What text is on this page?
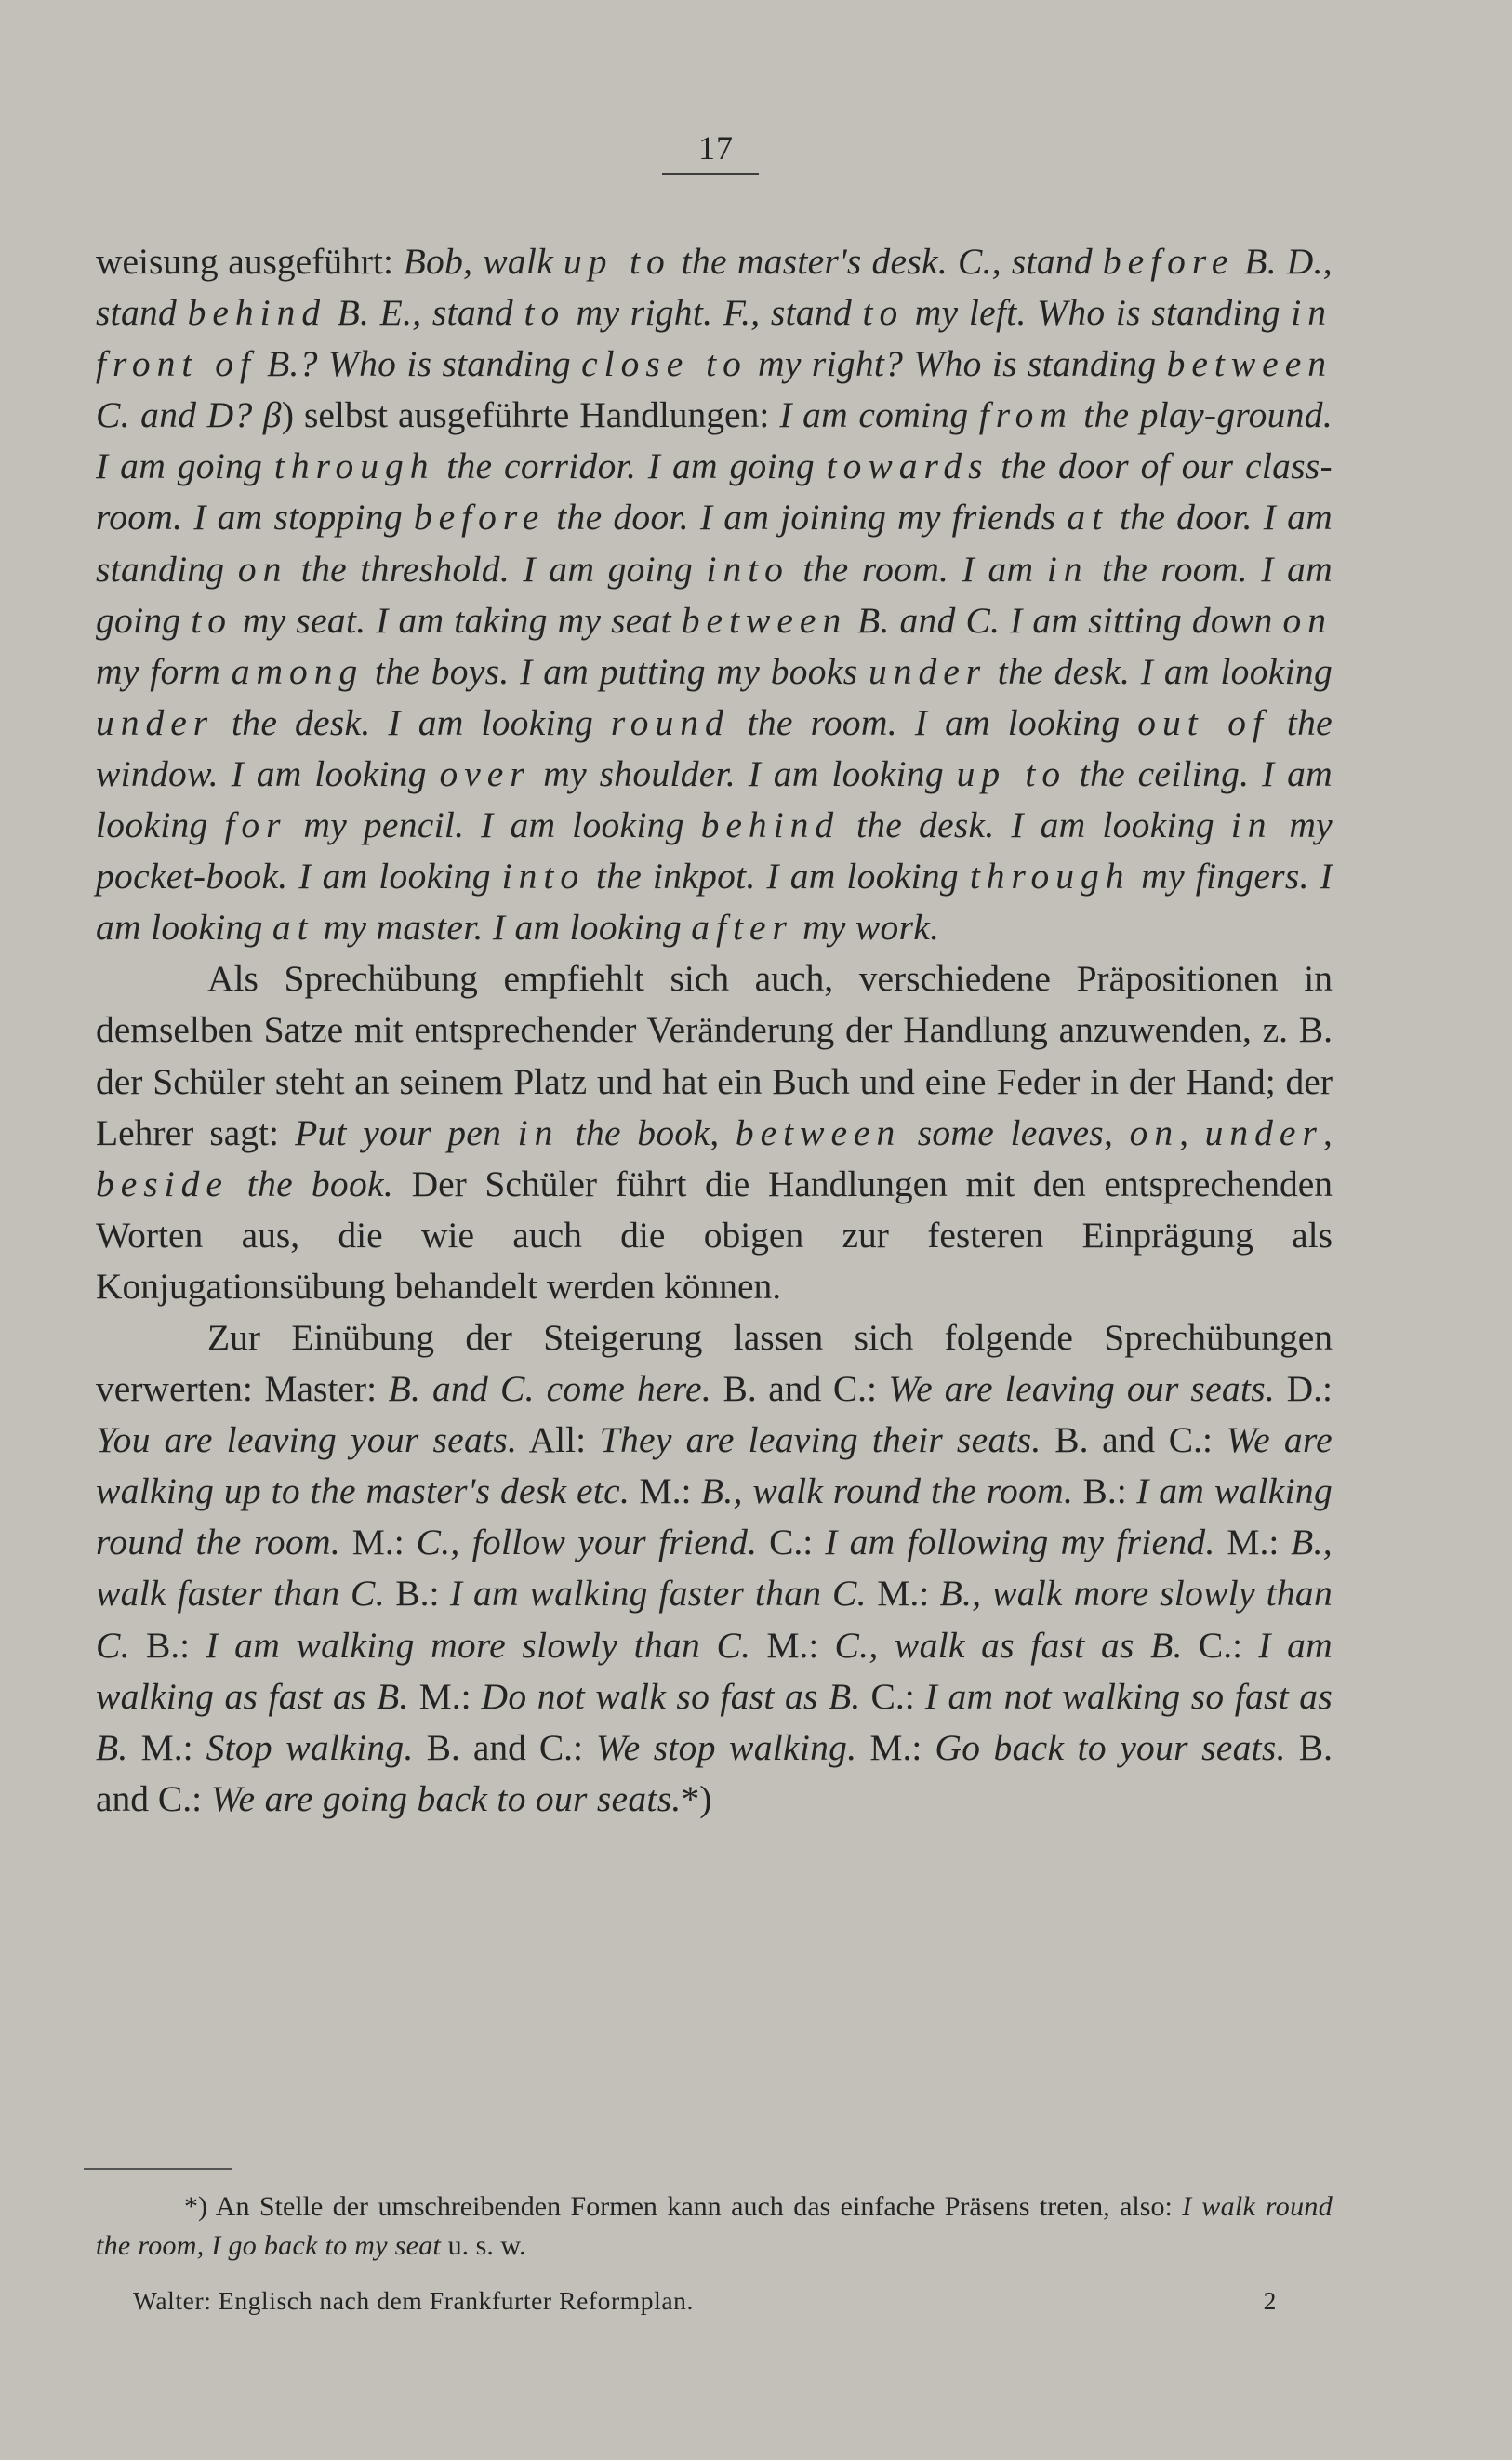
17

weisung ausgeführt: Bob, walk up to the master's desk. C., stand before B. D., stand behind B. E., stand to my right. F., stand to my left. Who is standing in front of B.? Who is standing close to my right? Who is standing between C. and D? β) selbst ausgeführte Handlungen: I am coming from the play-ground. I am going through the corridor. I am going towards the door of our class-room. I am stopping before the door. I am joining my friends at the door. I am standing on the threshold. I am going into the room. I am in the room. I am going to my seat. I am taking my seat between B. and C. I am sitting down on my form among the boys. I am putting my books under the desk. I am looking under the desk. I am looking round the room. I am looking out of the window. I am looking over my shoulder. I am looking up to the ceiling. I am looking for my pencil. I am looking behind the desk. I am looking in my pocket-book. I am looking into the inkpot. I am looking through my fingers. I am looking at my master. I am looking after my work.

Als Sprechübung empfiehlt sich auch, verschiedene Präpositionen in demselben Satze mit entsprechender Veränderung der Handlung anzuwenden, z. B. der Schüler steht an seinem Platz und hat ein Buch und eine Feder in der Hand; der Lehrer sagt: Put your pen in the book, between some leaves, on, under, beside the book. Der Schüler führt die Handlungen mit den entsprechenden Worten aus, die wie auch die obigen zur festeren Einprägung als Konjugationsübung behandelt werden können.

Zur Einübung der Steigerung lassen sich folgende Sprechübungen verwerten: Master: B. and C. come here. B. and C.: We are leaving our seats. D.: You are leaving your seats. All: They are leaving their seats. B. and C.: We are walking up to the master's desk etc. M.: B., walk round the room. B.: I am walking round the room. M.: C., follow your friend. C.: I am following my friend. M.: B., walk faster than C. B.: I am walking faster than C. M.: B., walk more slowly than C. B.: I am walking more slowly than C. M.: C., walk as fast as B. C.: I am walking as fast as B. M.: Do not walk so fast as B. C.: I am not walking so fast as B. M.: Stop walking. B. and C.: We stop walking. M.: Go back to your seats. B. and C.: We are going back to our seats.*)

*) An Stelle der umschreibenden Formen kann auch das einfache Präsens treten, also: I walk round the room, I go back to my seat u. s. w.

Walter: Englisch nach dem Frankfurter Reformplan.	2
